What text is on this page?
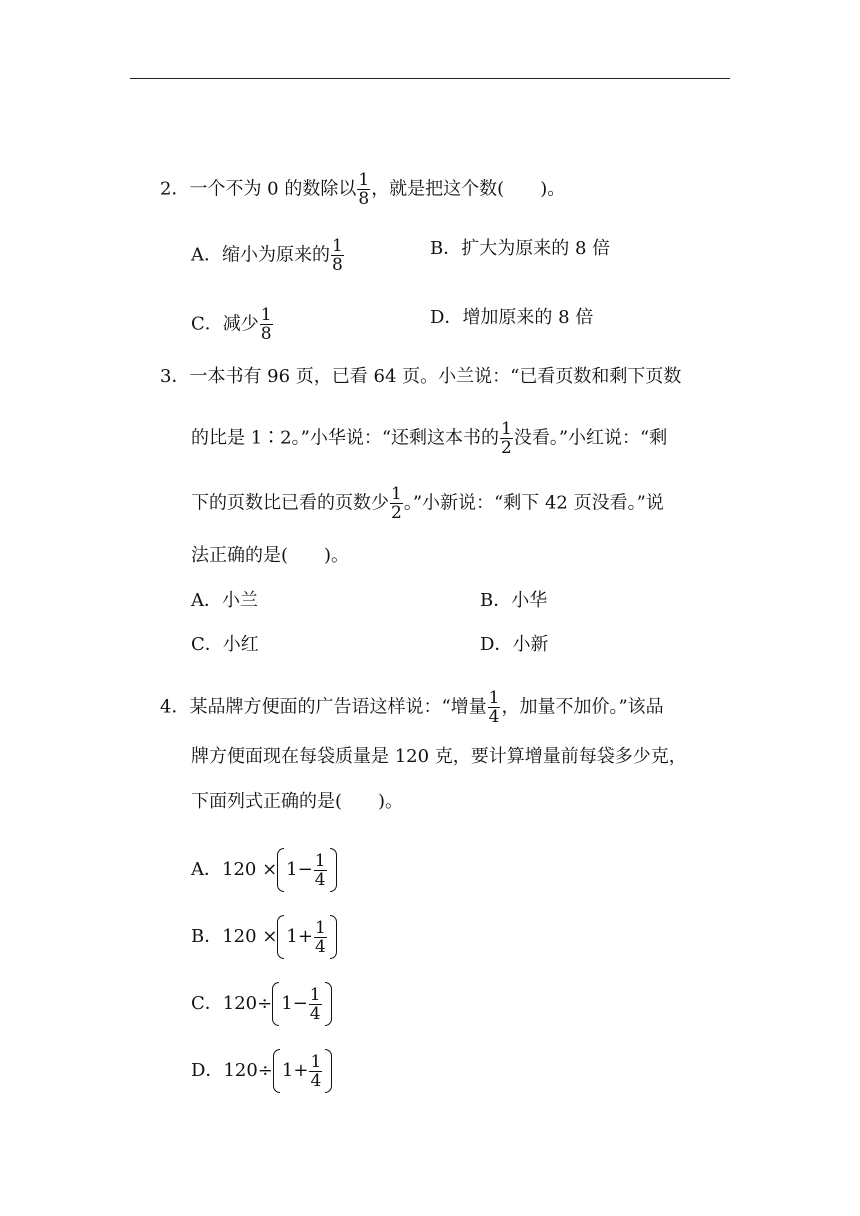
2．一个不为 0 的数除以 $\frac{1}{8}$ ，就是把这个数( )。
A．缩小为原来的 $\frac{1}{8}$	B．扩大为原来的 8 倍
C．减少 $\frac{1}{8}$	D．增加原来的 8 倍
3．一本书有 96 页，已看 64 页。小兰说：“已看页数和剩下页数
的比是 1∶2。”小华说：“还剩这本书的 $\frac{1}{2}$ 没看。”小红说：“剩
下的页数比已看的页数少 $\frac{1}{2}$ 。”小新说：“剩下 42 页没看。”说
法正确的是( )。
A．小兰	B．小华
C．小红	D．小新
4．某品牌方便面的广告语这样说：“增量 $\frac{1}{4}$ ，加量不加价。”该品
牌方便面现在每袋质量是 120 克，要计算增量前每袋多少克，
下面列式正确的是( )。
A．$120 \times 1 - \frac{1}{4}$
B．$120 \times 1 + \frac{1}{4}$
C．$120\div 1 - \frac{1}{4}$
D．$120\div 1 + \frac{1}{4}$
